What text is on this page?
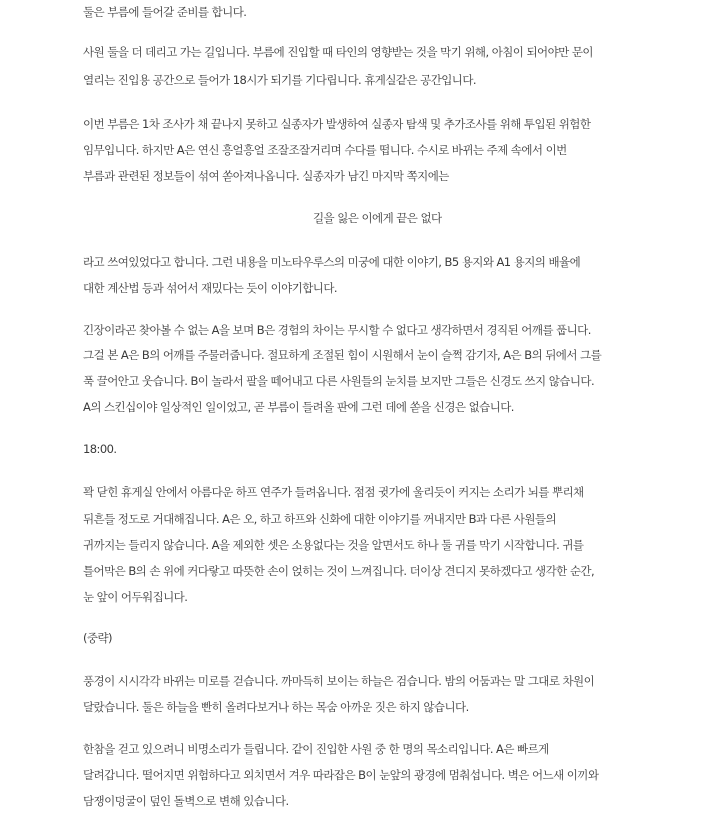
둘은 부름에 들어갈 준비를 합니다.
사원 둘을 더 데리고 가는 길입니다. 부름에 진입할 때 타인의 영향받는 것을 막기 위해, 아침이 되어야만 문이
열리는 진입용 공간으로 들어가 18시가 되기를 기다립니다. 휴게실같은 공간입니다.
이번 부름은 1차 조사가 채 끝나지 못하고 실종자가 발생하여 실종자 탐색 및 추가조사를 위해 투입된 위험한
임무입니다. 하지만 A은 연신 흥얼흥얼 조잘조잘거리며 수다를 떱니다. 수시로 바뀌는 주제 속에서 이번
부름과 관련된 정보들이 섞여 쏟아져나옵니다. 실종자가 남긴 마지막 쪽지에는
길을 잃은 이에게 끝은 없다
라고 쓰여있었다고 합니다. 그런 내용을 미노타우루스의 미궁에 대한 이야기, B5 용지와 A1 용지의 배율에
대한 계산법 등과 섞어서 재밌다는 듯이 이야기합니다.
긴장이라곤 찾아볼 수 없는 A을 보며 B은 경험의 차이는 무시할 수 없다고 생각하면서 경직된 어깨를 풉니다.
그걸 본 A은 B의 어깨를 주물러줍니다. 절묘하게 조절된 힘이 시원해서 눈이 슬쩍 감기자, A은 B의 뒤에서 그를
푹 끌어안고 웃습니다. B이 놀라서 팔을 떼어내고 다른 사원들의 눈치를 보지만 그들은 신경도 쓰지 않습니다.
A의 스킨십이야 일상적인 일이었고, 곧 부름이 들려올 판에 그런 데에 쏟을 신경은 없습니다.
18:00.
꽉 닫힌 휴게실 안에서 아름다운 하프 연주가 들려옵니다. 점점 귓가에 울리듯이 커지는 소리가 뇌를 뿌리채
뒤흔들 정도로 거대해집니다. A은 오, 하고 하프와 신화에 대한 이야기를 꺼내지만 B과 다른 사원들의
귀까지는 들리지 않습니다. A을 제외한 셋은 소용없다는 것을 알면서도 하나 둘 귀를 막기 시작합니다. 귀를
틀어막은 B의 손 위에 커다랗고 따뜻한 손이 얹히는 것이 느껴집니다. 더이상 견디지 못하겠다고 생각한 순간,
눈 앞이 어두워집니다.
(중략)
풍경이 시시각각 바뀌는 미로를 걷습니다. 까마득히 보이는 하늘은 검습니다. 밤의 어둠과는 말 그대로 차원이
달랐습니다. 둘은 하늘을 빤히 올려다보거나 하는 목숨 아까운 짓은 하지 않습니다.
한참을 걷고 있으려니 비명소리가 들립니다. 같이 진입한 사원 중 한 명의 목소리입니다. A은 빠르게
달려갑니다. 떨어지면 위험하다고 외치면서 겨우 따라잡은 B이 눈앞의 광경에 멈춰섭니다. 벽은 어느새 이끼와
담쟁이덩굴이 덮인 돌벽으로 변해 있습니다.
